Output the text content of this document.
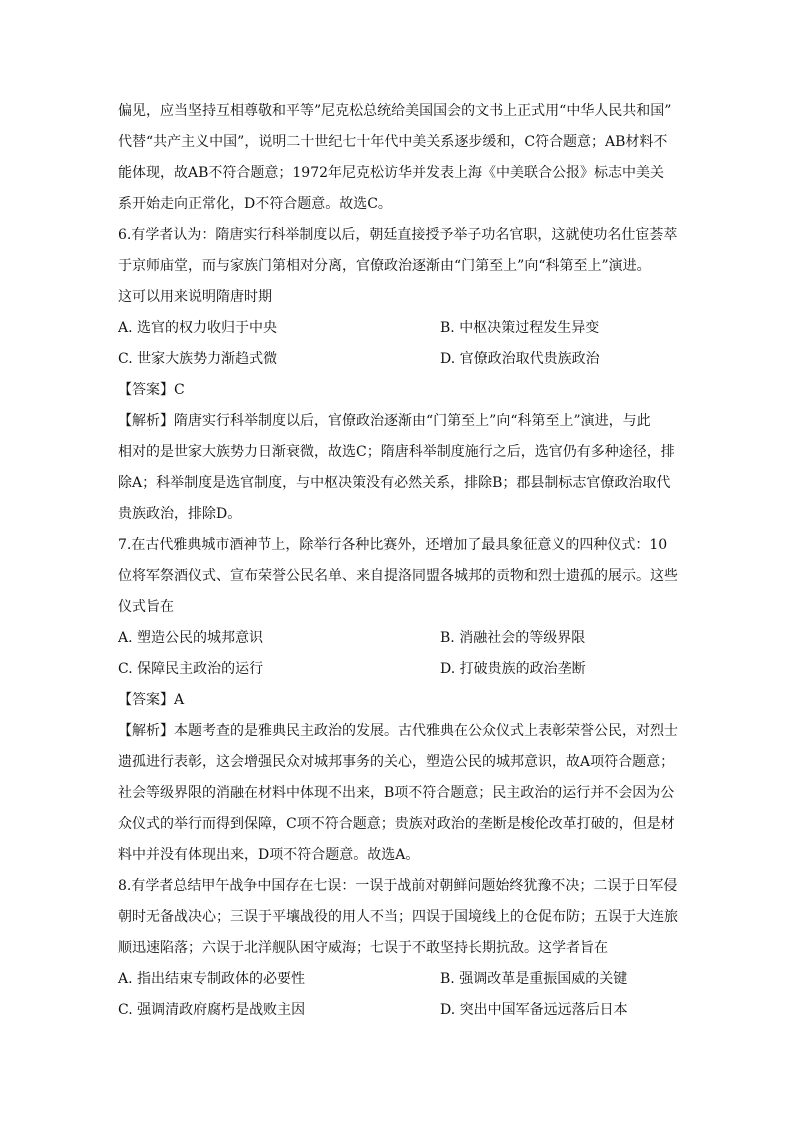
偏见，应当坚持互相尊敬和平等”尼克松总统给美国国会的文书上正式用“中华人民共和国”

代替“共产主义中国”，说明二十世纪七十年代中美关系逐步缓和，C符合题意；AB材料不

能体现，故AB不符合题意；1972年尼克松访华并发表上海《中美联合公报》标志中美关

系开始走向正常化，D不符合题意。故选C。

6.有学者认为：隋唐实行科举制度以后，朝廷直接授予举子功名官职，这就使功名仕宦荟萃

于京师庙堂，而与家族门第相对分离，官僚政治逐渐由“门第至上”向“科第至上”演进。

这可以用来说明隋唐时期

A. 选官的权力收归于中央	B. 中枢决策过程发生异变
C. 世家大族势力渐趋式微	D. 官僚政治取代贵族政治
【答案】C

【解析】隋唐实行科举制度以后，官僚政治逐渐由“门第至上”向“科第至上”演进，与此

相对的是世家大族势力日渐衰微，故选C；隋唐科举制度施行之后，选官仍有多种途径，排

除A；科举制度是选官制度，与中枢决策没有必然关系，排除B；郡县制标志官僚政治取代

贵族政治，排除D。

7.在古代雅典城市酒神节上，除举行各种比赛外，还增加了最具象征意义的四种仪式：10

位将军祭酒仪式、宣布荣誉公民名单、来自提洛同盟各城邦的贡物和烈士遗孤的展示。这些

仪式旨在

A. 塑造公民的城邦意识	B. 消融社会的等级界限
C. 保障民主政治的运行	D. 打破贵族的政治垄断
【答案】A

【解析】本题考查的是雅典民主政治的发展。古代雅典在公众仪式上表彰荣誉公民，对烈士

遗孤进行表彰，这会增强民众对城邦事务的关心，塑造公民的城邦意识，故A项符合题意；

社会等级界限的消融在材料中体现不出来，B项不符合题意；民主政治的运行并不会因为公

众仪式的举行而得到保障，C项不符合题意；贵族对政治的垄断是梭伦改革打破的，但是材

料中并没有体现出来，D项不符合题意。故选A。

8.有学者总结甲午战争中国存在七误：一误于战前对朝鲜问题始终犹豫不决；二误于日军侵

朝时无备战决心；三误于平壤战役的用人不当；四误于国境线上的仓促布防；五误于大连旅

顺迅速陷落；六误于北洋舰队困守威海；七误于不敢坚持长期抗敌。这学者旨在

A. 指出结束专制政体的必要性	B. 强调改革是重振国威的关键
C. 强调清政府腐朽是战败主因	D. 突出中国军备远远落后日本
